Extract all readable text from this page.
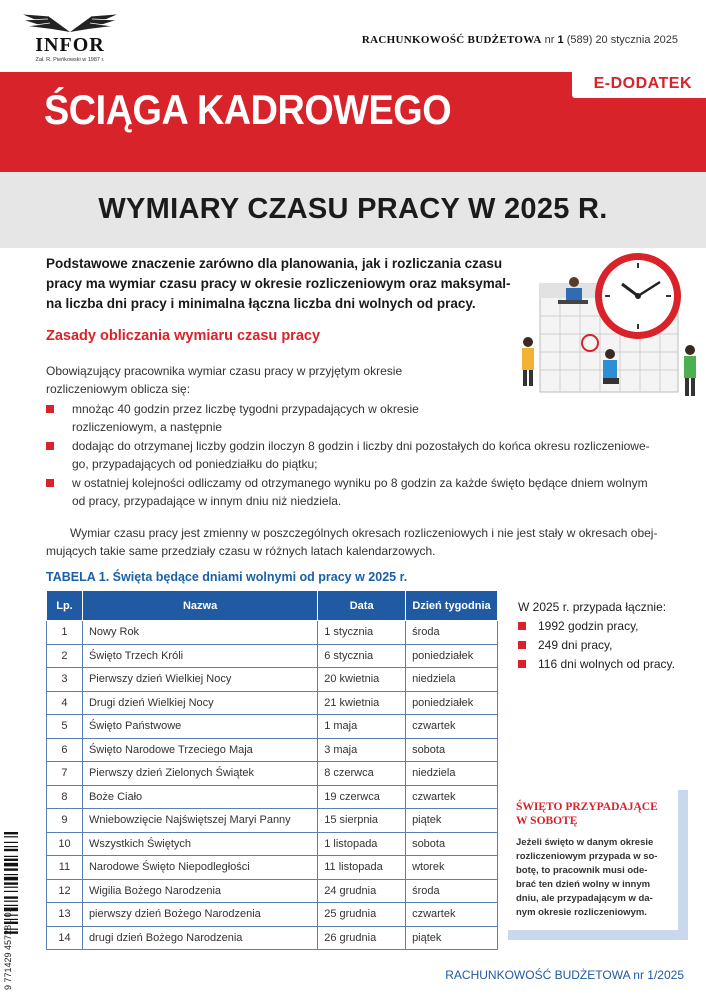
INFOR
Zał. R. Pieńkowski w 1987 r.
RACHUNKOWOŚĆ BUDŻETOWA nr 1 (589) 20 stycznia 2025
E-DODATEK
ŚCIĄGA KADROWEGO
WYMIARY CZASU PRACY W 2025 R.
Podstawowe znaczenie zarówno dla planowania, jak i rozliczania czasu
pracy ma wymiar czasu pracy w okresie rozliczeniowym oraz maksymal-
na liczba dni pracy i minimalna łączna liczba dni wolnych od pracy.
Zasady obliczania wymiaru czasu pracy
Obowiązujący pracownika wymiar czasu pracy w przyjętym okresie
rozliczeniowym oblicza się:
mnożąc 40 godzin przez liczbę tygodni przypadających w okresie
rozliczeniowym, a następnie
dodając do otrzymanej liczby godzin iloczyn 8 godzin i liczby dni pozostałych do końca okresu rozliczeniowe-
go, przypadających od poniedziałku do piątku;
w ostatniej kolejności odliczamy od otrzymanego wyniku po 8 godzin za każde święto będące dniem wolnym
od pracy, przypadające w innym dniu niż niedziela.
Wymiar czasu pracy jest zmienny w poszczególnych okresach rozliczeniowych i nie jest stały w okresach obej-
mujących takie same przedziały czasu w różnych latach kalendarzowych.
TABELA 1. Święta będące dniami wolnymi od pracy w 2025 r.
Lp.	Nazwa	Data	Dzień tygodnia
1	Nowy Rok	1 stycznia	środa
2	Święto Trzech Króli	6 stycznia	poniedziałek
3	Pierwszy dzień Wielkiej Nocy	20 kwietnia	niedziela
4	Drugi dzień Wielkiej Nocy	21 kwietnia	poniedziałek
5	Święto Państwowe	1 maja	czwartek
6	Święto Narodowe Trzeciego Maja	3 maja	sobota
7	Pierwszy dzień Zielonych Świątek	8 czerwca	niedziela
8	Boże Ciało	19 czerwca	czwartek
9	Wniebowzięcie Najświętszej Maryi Panny	15 sierpnia	piątek
10	Wszystkich Świętych	1 listopada	sobota
11	Narodowe Święto Niepodległości	11 listopada	wtorek
12	Wigilia Bożego Narodzenia	24 grudnia	środa
13	pierwszy dzień Bożego Narodzenia	25 grudnia	czwartek
14	drugi dzień Bożego Narodzenia	26 grudnia	piątek
W 2025 r. przypada łącznie:
1992 godzin pracy,
249 dni pracy,
116 dni wolnych od pracy.
ŚWIĘTO PRZYPADAJĄCE
W SOBOTĘ
Jeżeli święto w danym okresie
rozliczeniowym przypada w so-
botę, to pracownik musi ode-
brać ten dzień wolny w innym
dniu, ale przypadającym w da-
nym okresie rozliczeniowym.
9 771429 457281 01	RACHUNKOWOŚĆ BUDŻETOWA nr 1/2025
